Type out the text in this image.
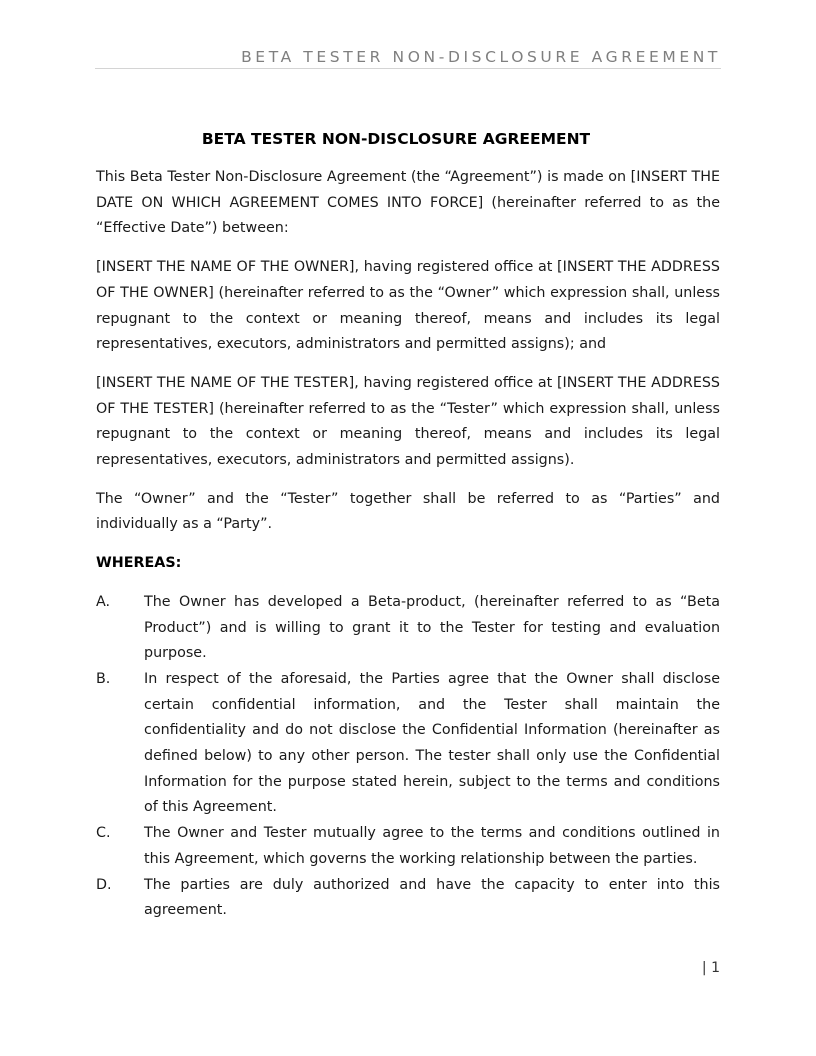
BETA TESTER NON-DISCLOSURE AGREEMENT
BETA TESTER NON-DISCLOSURE AGREEMENT

This Beta Tester Non-Disclosure Agreement (the “Agreement”) is made on [INSERT THE DATE ON WHICH AGREEMENT COMES INTO FORCE] (hereinafter referred to as the “Effective Date”) between:

[INSERT THE NAME OF THE OWNER], having registered office at [INSERT THE ADDRESS OF THE OWNER] (hereinafter referred to as the “Owner” which expression shall, unless repugnant to the context or meaning thereof, means and includes its legal representatives, executors, administrators and permitted assigns); and

[INSERT THE NAME OF THE TESTER], having registered office at [INSERT THE ADDRESS OF THE TESTER] (hereinafter referred to as the “Tester” which expression shall, unless repugnant to the context or meaning thereof, means and includes its legal representatives, executors, administrators and permitted assigns).

The “Owner” and the “Tester” together shall be referred to as “Parties” and individually as a “Party”.

WHEREAS:
A.	The Owner has developed a Beta-product, (hereinafter referred to as “Beta Product”) and is willing to grant it to the Tester for testing and evaluation purpose.
B.	In respect of the aforesaid, the Parties agree that the Owner shall disclose certain confidential information, and the Tester shall maintain the confidentiality and do not disclose the Confidential Information (hereinafter as defined below) to any other person. The tester shall only use the Confidential Information for the purpose stated herein, subject to the terms and conditions of this Agreement.
C.	The Owner and Tester mutually agree to the terms and conditions outlined in this Agreement, which governs the working relationship between the parties.
D.	The parties are duly authorized and have the capacity to enter into this agreement.
| 1
